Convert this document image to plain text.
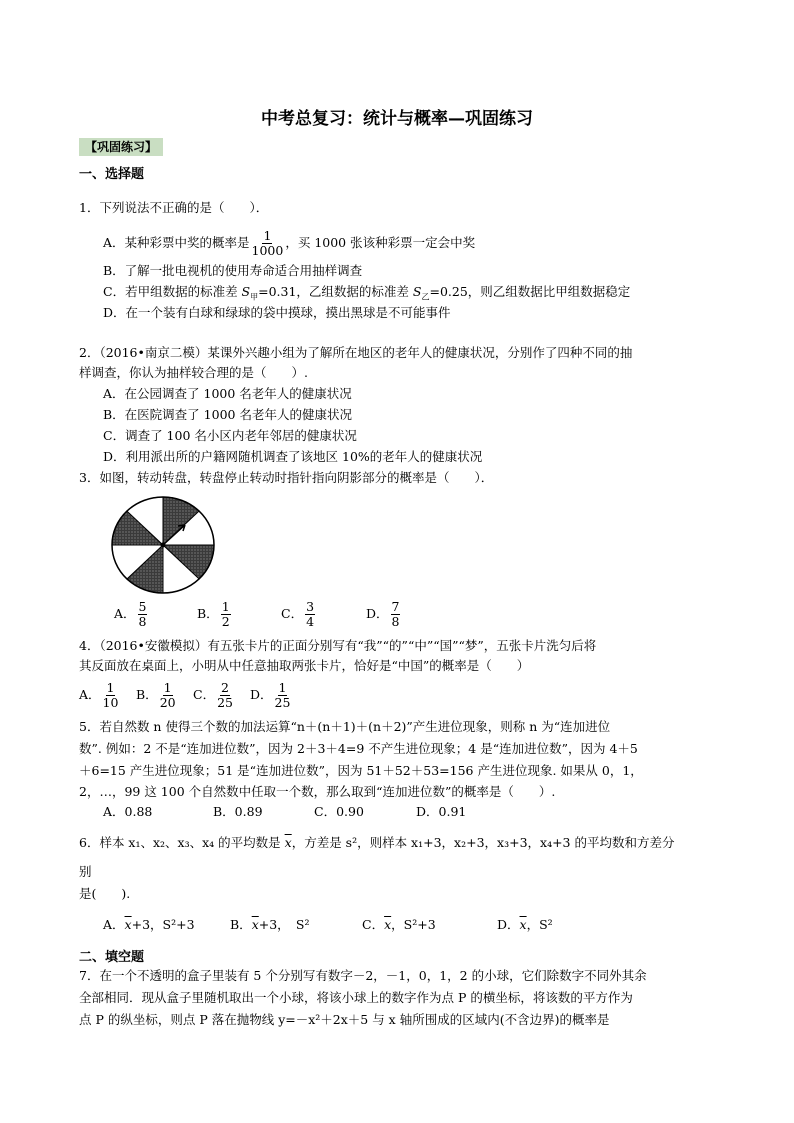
中考总复习：统计与概率—巩固练习
【巩固练习】
一、选择题
1．下列说法不正确的是（　　）．
A．某种彩票中奖的概率是 $\frac{1}{1000}$ ，买 1000 张该种彩票一定会中奖
B．了解一批电视机的使用寿命适合用抽样调查
C．若甲组数据的标准差 $S_甲=0.31$，乙组数据的标准差 $S_乙=0.25$，则乙组数据比甲组数据稳定
D．在一个装有白球和绿球的袋中摸球，摸出黑球是不可能事件
2．（2016•南京二模）某课外兴趣小组为了解所在地区的老年人的健康状况，分别作了四种不同的抽
样调查，你认为抽样较合理的是（　　）.
A．在公园调查了 1000 名老年人的健康状况
B．在医院调查了 1000 名老年人的健康状况
C．调查了 100 名小区内老年邻居的健康状况
D．利用派出所的户籍网随机调查了该地区 10%的老年人的健康状况
3．如图，转动转盘，转盘停止转动时指针指向阴影部分的概率是（　　）．
A． $\frac{5}{8}$	B． $\frac{1}{2}$	C． $\frac{3}{4}$	D． $\frac{7}{8}$
4．（2016•安徽模拟）有五张卡片的正面分别写有“我”“的”“中”“国”“梦”，五张卡片洗匀后将
其反面放在桌面上，小明从中任意抽取两张卡片，恰好是“中国”的概率是（　　）
A． $\frac{1}{10}$ B． $\frac{1}{20}$ C． $\frac{2}{25}$ D． $\frac{1}{25}$
5．若自然数 n 使得三个数的加法运算“n＋(n＋1)＋(n＋2)”产生进位现象，则称 n 为“连加进位
数”. 例如：2 不是“连加进位数”，因为 2＋3＋4=9 不产生进位现象；4 是“连加进位数”，因为 4＋5
＋6=15 产生进位现象；51 是“连加进位数”，因为 51＋52＋53=156 产生进位现象. 如果从 0，1，
2，…，99 这 100 个自然数中任取一个数，那么取到“连加进位数”的概率是（　　）.
A．0.88	B．0.89	C．0.90	D．0.91
6．样本 x₁、x₂、x₃、x₄ 的平均数是 $\overline{x}$，方差是 s²，则样本 x₁+3，x₂+3，x₃+3，x₄+3 的平均数和方差分
别
是(　　).
A．$\overline{x}+3$，S²+3	B．$\overline{x}+3$，　S²	C．$\overline{x}$，S²+3	D．$\overline{x}$，S²
二、填空题
7．在一个不透明的盒子里装有 5 个分别写有数字－2，－1，0，1，2 的小球，它们除数字不同外其余
全部相同．现从盒子里随机取出一个小球，将该小球上的数字作为点 P 的横坐标，将该数的平方作为
点 P 的纵坐标，则点 P 落在抛物线 y=－x²＋2x＋5 与 x 轴所围成的区域内(不含边界)的概率是
